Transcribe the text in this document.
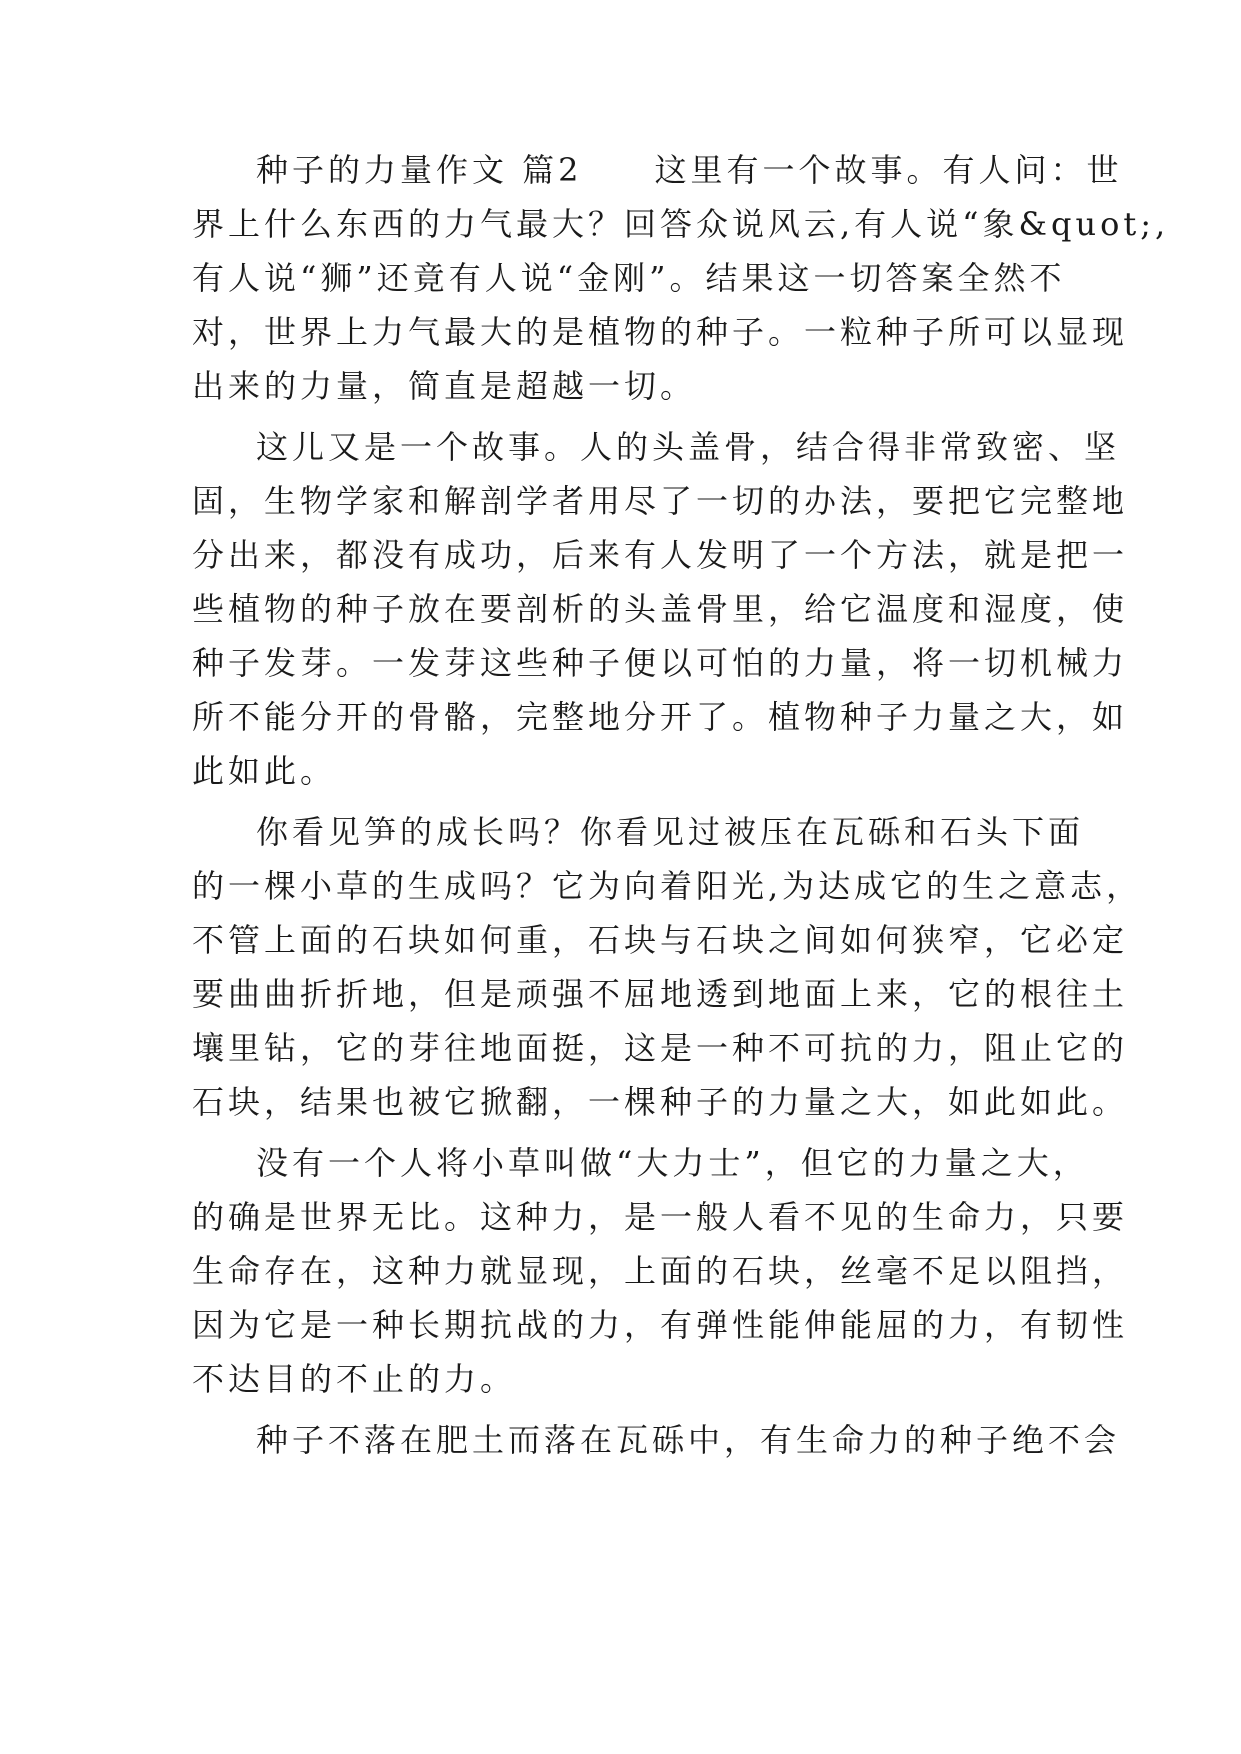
种子的力量作文 篇2　　这里有一个故事。有人问：世

界上什么东西的力气最大？回答众说风云,有人说“象&quot;,

有人说“狮”还竟有人说“金刚”。结果这一切答案全然不

对，世界上力气最大的是植物的种子。一粒种子所可以显现

出来的力量，简直是超越一切。

这儿又是一个故事。人的头盖骨，结合得非常致密、坚

固，生物学家和解剖学者用尽了一切的办法，要把它完整地

分出来，都没有成功，后来有人发明了一个方法，就是把一

些植物的种子放在要剖析的头盖骨里，给它温度和湿度，使

种子发芽。一发芽这些种子便以可怕的力量，将一切机械力

所不能分开的骨骼，完整地分开了。植物种子力量之大，如

此如此。

你看见笋的成长吗？你看见过被压在瓦砾和石头下面

的一棵小草的生成吗？它为向着阳光,为达成它的生之意志，

不管上面的石块如何重，石块与石块之间如何狭窄，它必定

要曲曲折折地，但是顽强不屈地透到地面上来，它的根往土

壤里钻，它的芽往地面挺，这是一种不可抗的力，阻止它的

石块，结果也被它掀翻，一棵种子的力量之大，如此如此。

没有一个人将小草叫做“大力士”，但它的力量之大，

的确是世界无比。这种力，是一般人看不见的生命力，只要

生命存在，这种力就显现，上面的石块，丝毫不足以阻挡，

因为它是一种长期抗战的力，有弹性能伸能屈的力，有韧性

不达目的不止的力。

种子不落在肥土而落在瓦砾中，有生命力的种子绝不会
